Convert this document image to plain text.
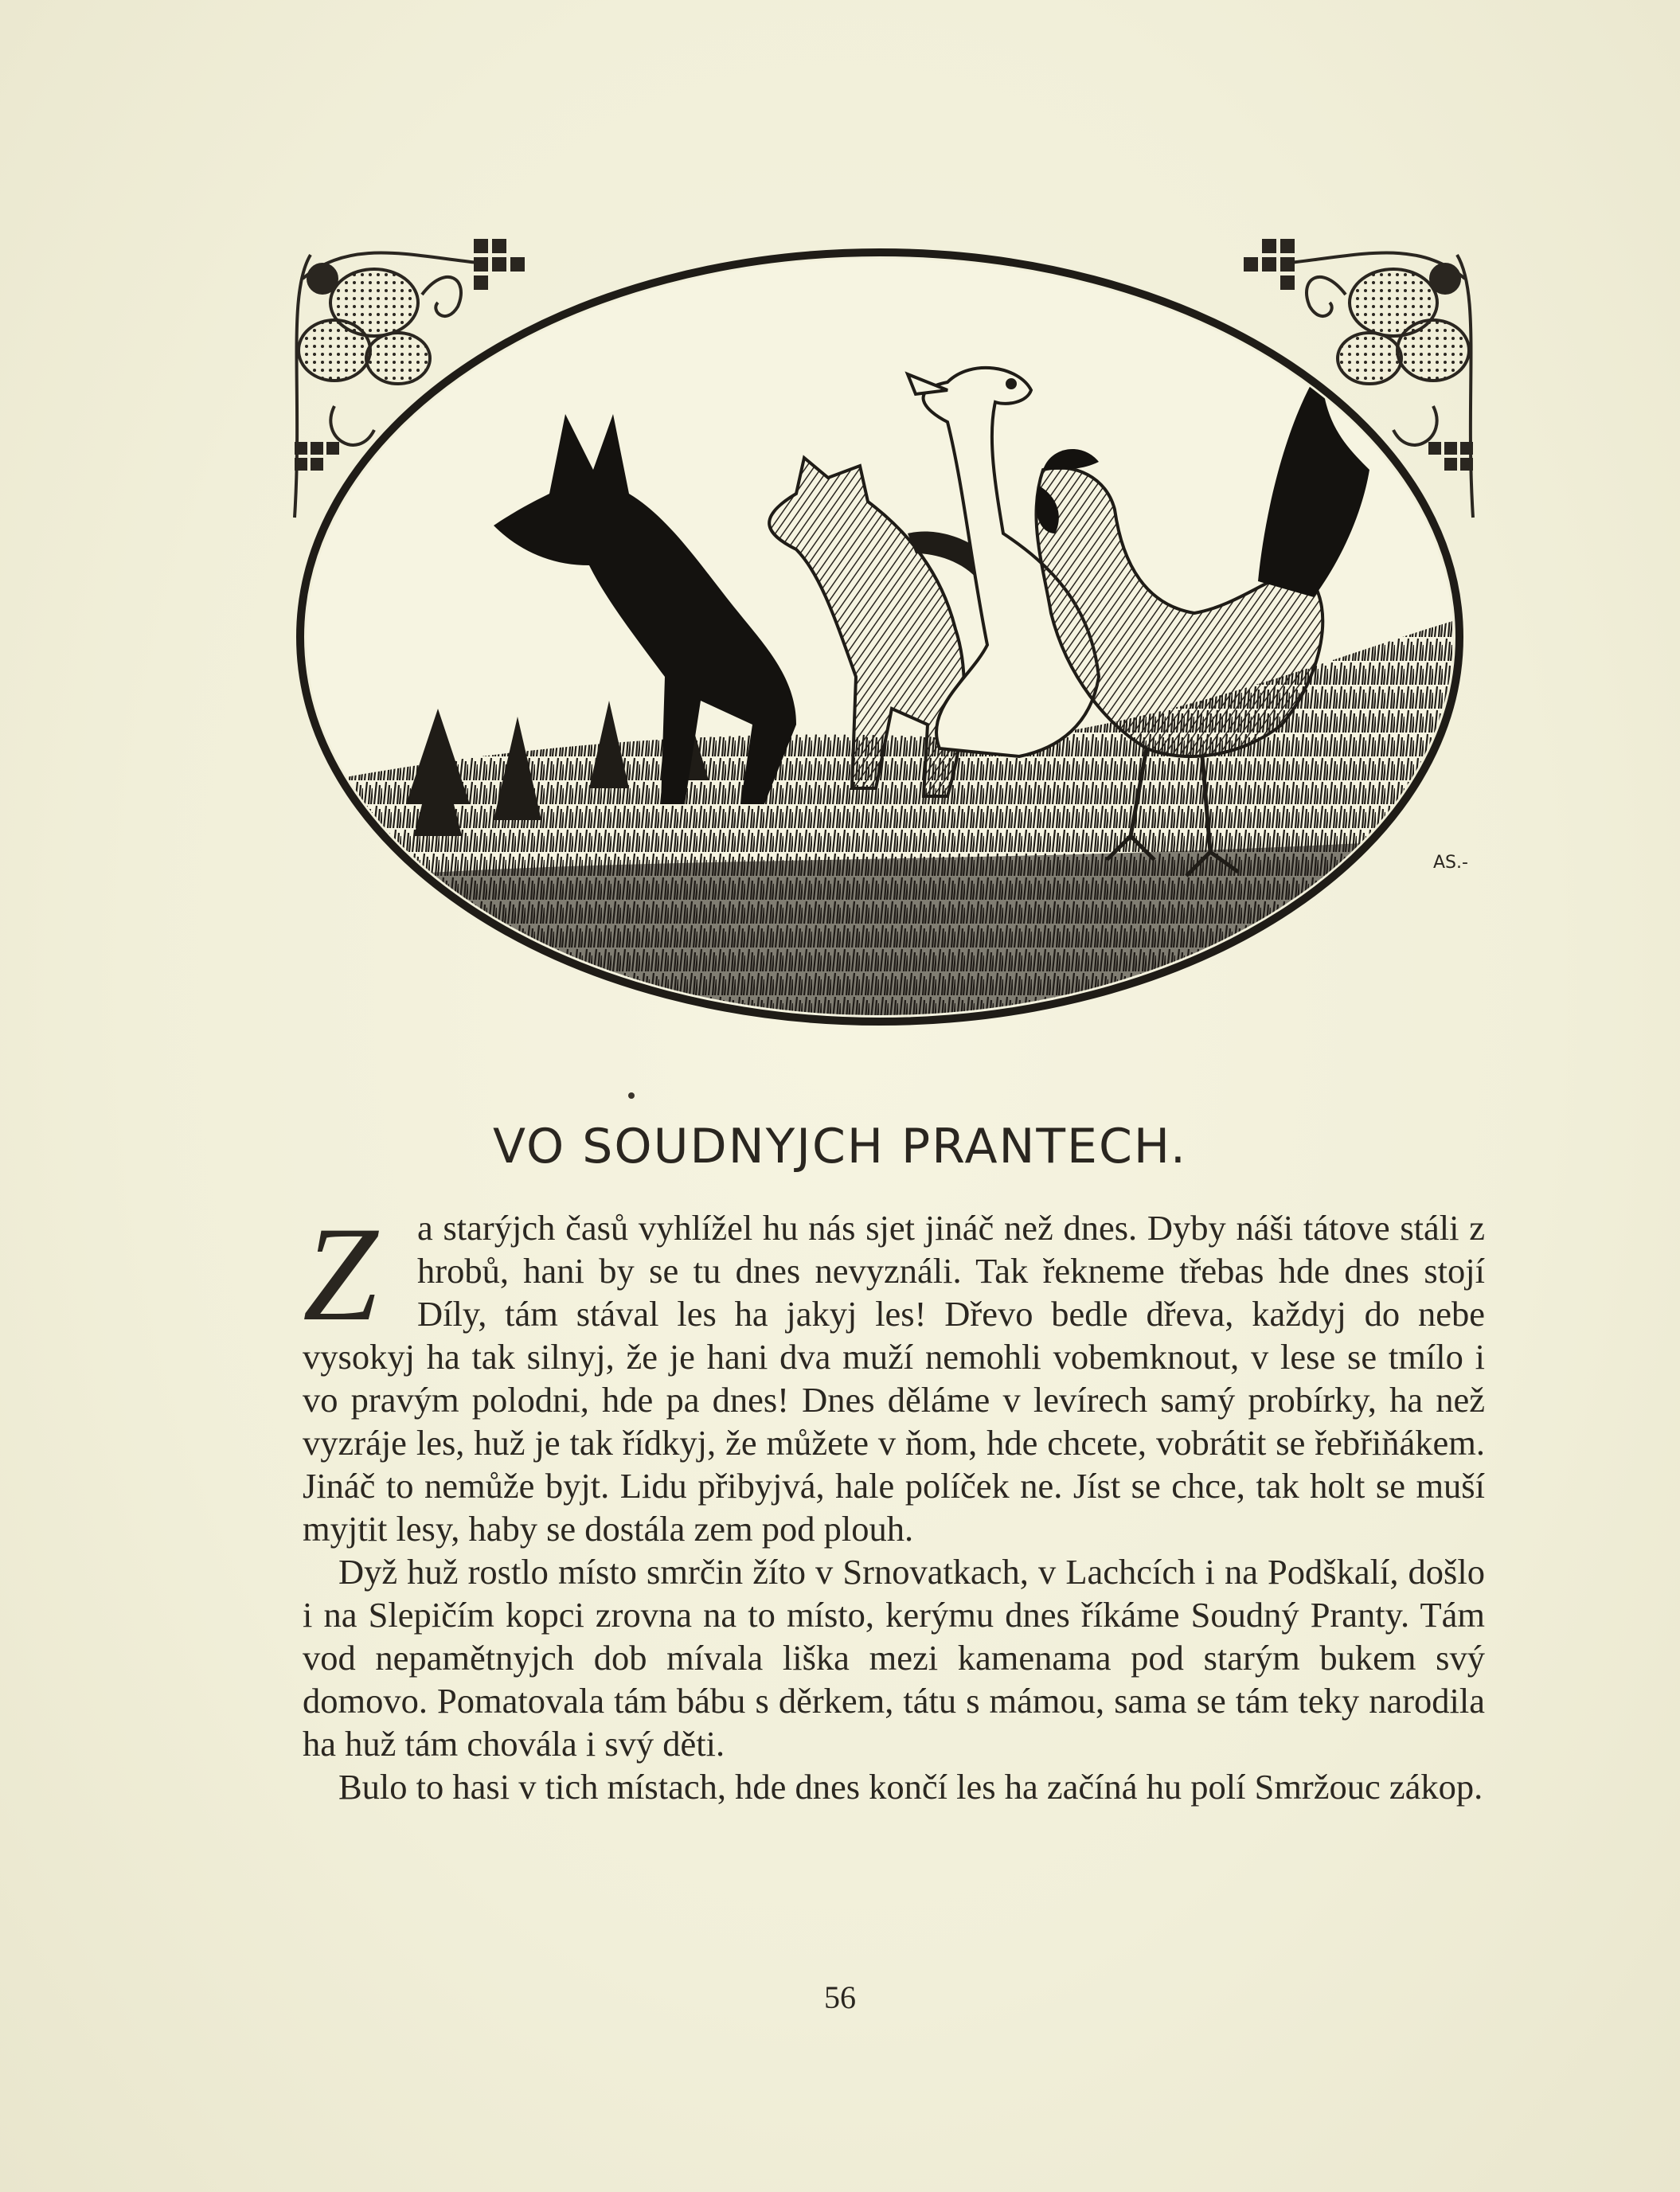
AS.-
VO SOUDNYJCH PRANTECH.

Z	a starýjch časů vyhlížel hu nás sjet jináč než dnes. Dyby náši tátove stáli z hrobů, hani by se tu dnes nevyználi. Tak řekneme třebas hde dnes stojí Díly, tám stával les ha jakyj les! Dřevo bedle dřeva, každyj do nebe vysokyj ha tak silnyj, že je hani dva muží nemohli vobemknout, v lese se tmílo i vo pravým polodni, hde pa dnes! Dnes děláme v levírech samý probírky, ha než vyzráje les, huž je tak řídkyj, že můžete v ňom, hde chcete, vobrátit se řebřiňákem. Jináč to nemůže byjt. Lidu přibyjvá, hale políček ne. Jíst se chce, tak holt se muší myjtit lesy, haby se dostála zem pod plouh.

Dyž huž rostlo místo smrčin žíto v Srnovatkach, v Lachcích i na Podškalí, došlo i na Slepičím kopci zrovna na to místo, kerýmu dnes říkáme Soudný Pranty. Tám vod nepamětnyjch dob mívala liška mezi kamenama pod starým bukem svý domovo. Pomatovala tám bábu s děrkem, tátu s mámou, sama se tám teky narodila ha huž tám chovála i svý děti.

Bulo to hasi v tich místach, hde dnes končí les ha začíná hu polí Smržouc zákop.

56
